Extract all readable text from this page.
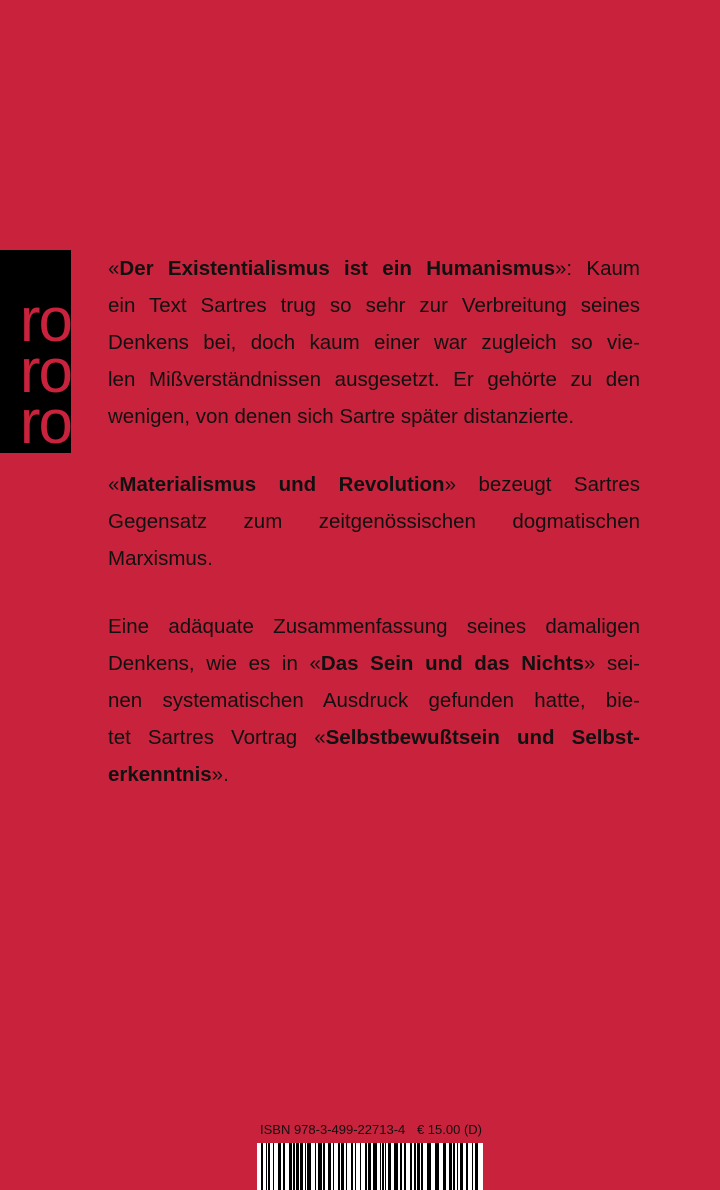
ro
ro
ro
«Der Existentialismus ist ein Humanismus»: Kaum
ein Text Sartres trug so sehr zur Verbreitung seines
Denkens bei, doch kaum einer war zugleich so vie-
len Mißverständnissen ausgesetzt. Er gehörte zu den
wenigen, von denen sich Sartre später distanzierte.
«Materialismus und Revolution» bezeugt Sartres
Gegensatz zum zeitgenössischen dogmatischen
Marxismus.
Eine adäquate Zusammenfassung seines damaligen
Denkens, wie es in «Das Sein und das Nichts» sei-
nen systematischen Ausdruck gefunden hatte, bie-
tet Sartres Vortrag «Selbstbewußtsein und Selbst-
erkenntnis».
ISBN 978-3-499-22713-4 € 15.00 (D)
